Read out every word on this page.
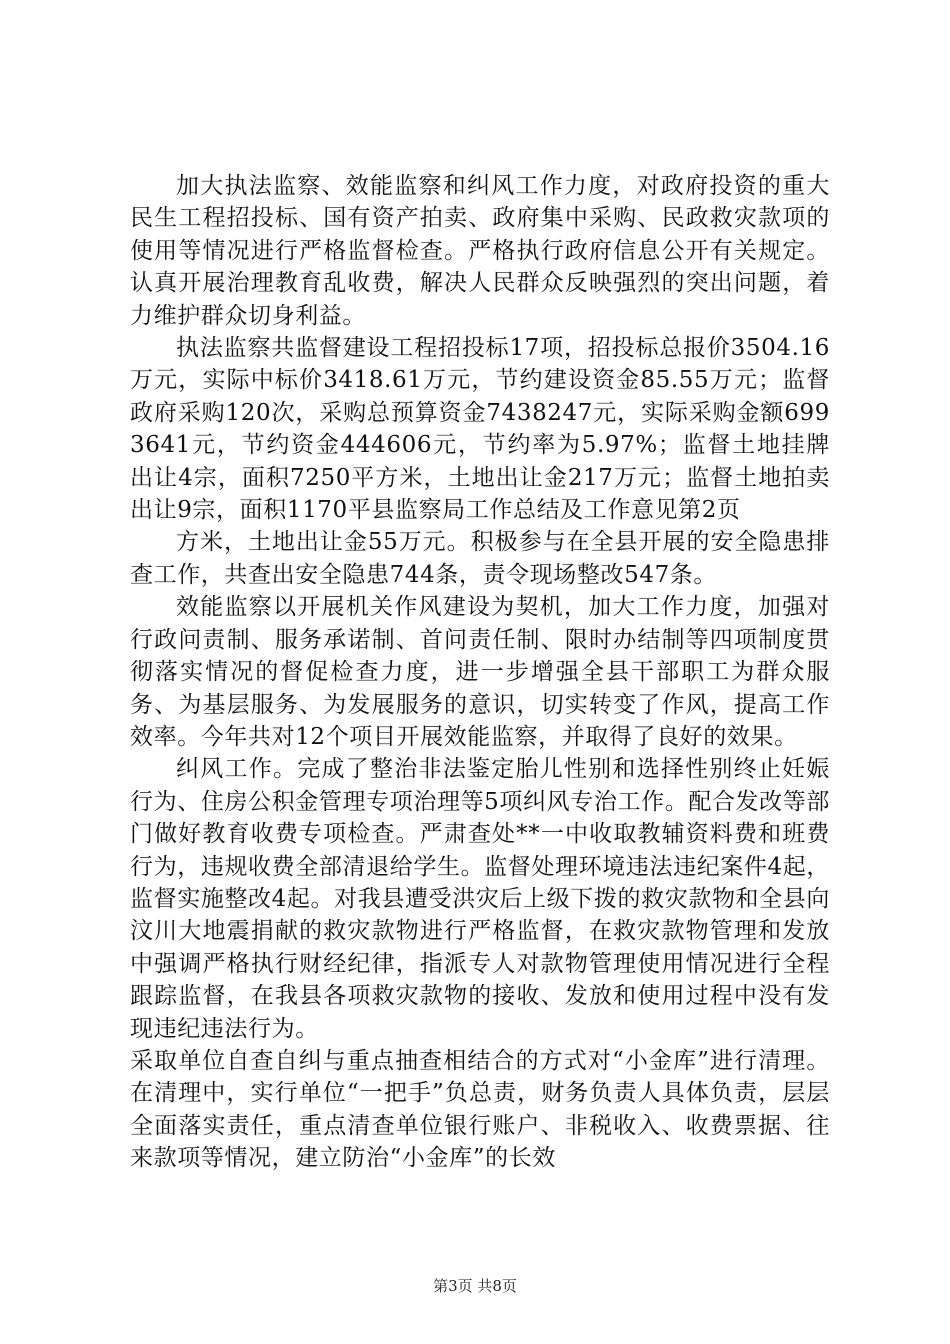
加大执法监察、效能监察和纠风工作力度，对政府投资的重大民生工程招投标、国有资产拍卖、政府集中采购、民政救灾款项的使用等情况进行严格监督检查。严格执行政府信息公开有关规定。认真开展治理教育乱收费，解决人民群众反映强烈的突出问题，着力维护群众切身利益。

执法监察共监督建设工程招投标17项，招投标总报价3504.16万元，实际中标价3418.61万元，节约建设资金85.55万元；监督政府采购120次，采购总预算资金7438247元，实际采购金额6993641元，节约资金444606元，节约率为5.97%；监督土地挂牌出让4宗，面积7250平方米，土地出让金217万元；监督土地拍卖出让9宗，面积1170平县监察局工作总结及工作意见第2页

方米，土地出让金55万元。积极参与在全县开展的安全隐患排查工作，共查出安全隐患744条，责令现场整改547条。

效能监察以开展机关作风建设为契机，加大工作力度，加强对行政问责制、服务承诺制、首问责任制、限时办结制等四项制度贯彻落实情况的督促检查力度，进一步增强全县干部职工为群众服务、为基层服务、为发展服务的意识，切实转变了作风，提高工作效率。今年共对12个项目开展效能监察，并取得了良好的效果。

纠风工作。完成了整治非法鉴定胎儿性别和选择性别终止妊娠行为、住房公积金管理专项治理等5项纠风专治工作。配合发改等部门做好教育收费专项检查。严肃查处**一中收取教辅资料费和班费行为，违规收费全部清退给学生。监督处理环境违法违纪案件4起，监督实施整改4起。对我县遭受洪灾后上级下拨的救灾款物和全县向汶川大地震捐献的救灾款物进行严格监督，在救灾款物管理和发放中强调严格执行财经纪律，指派专人对款物管理使用情况进行全程跟踪监督，在我县各项救灾款物的接收、发放和使用过程中没有发现违纪违法行为。

采取单位自查自纠与重点抽查相结合的方式对“小金库”进行清理。在清理中，实行单位“一把手”负总责，财务负责人具体负责，层层全面落实责任，重点清查单位银行账户、非税收入、收费票据、往来款项等情况，建立防治“小金库”的长效

第3页 共8页
